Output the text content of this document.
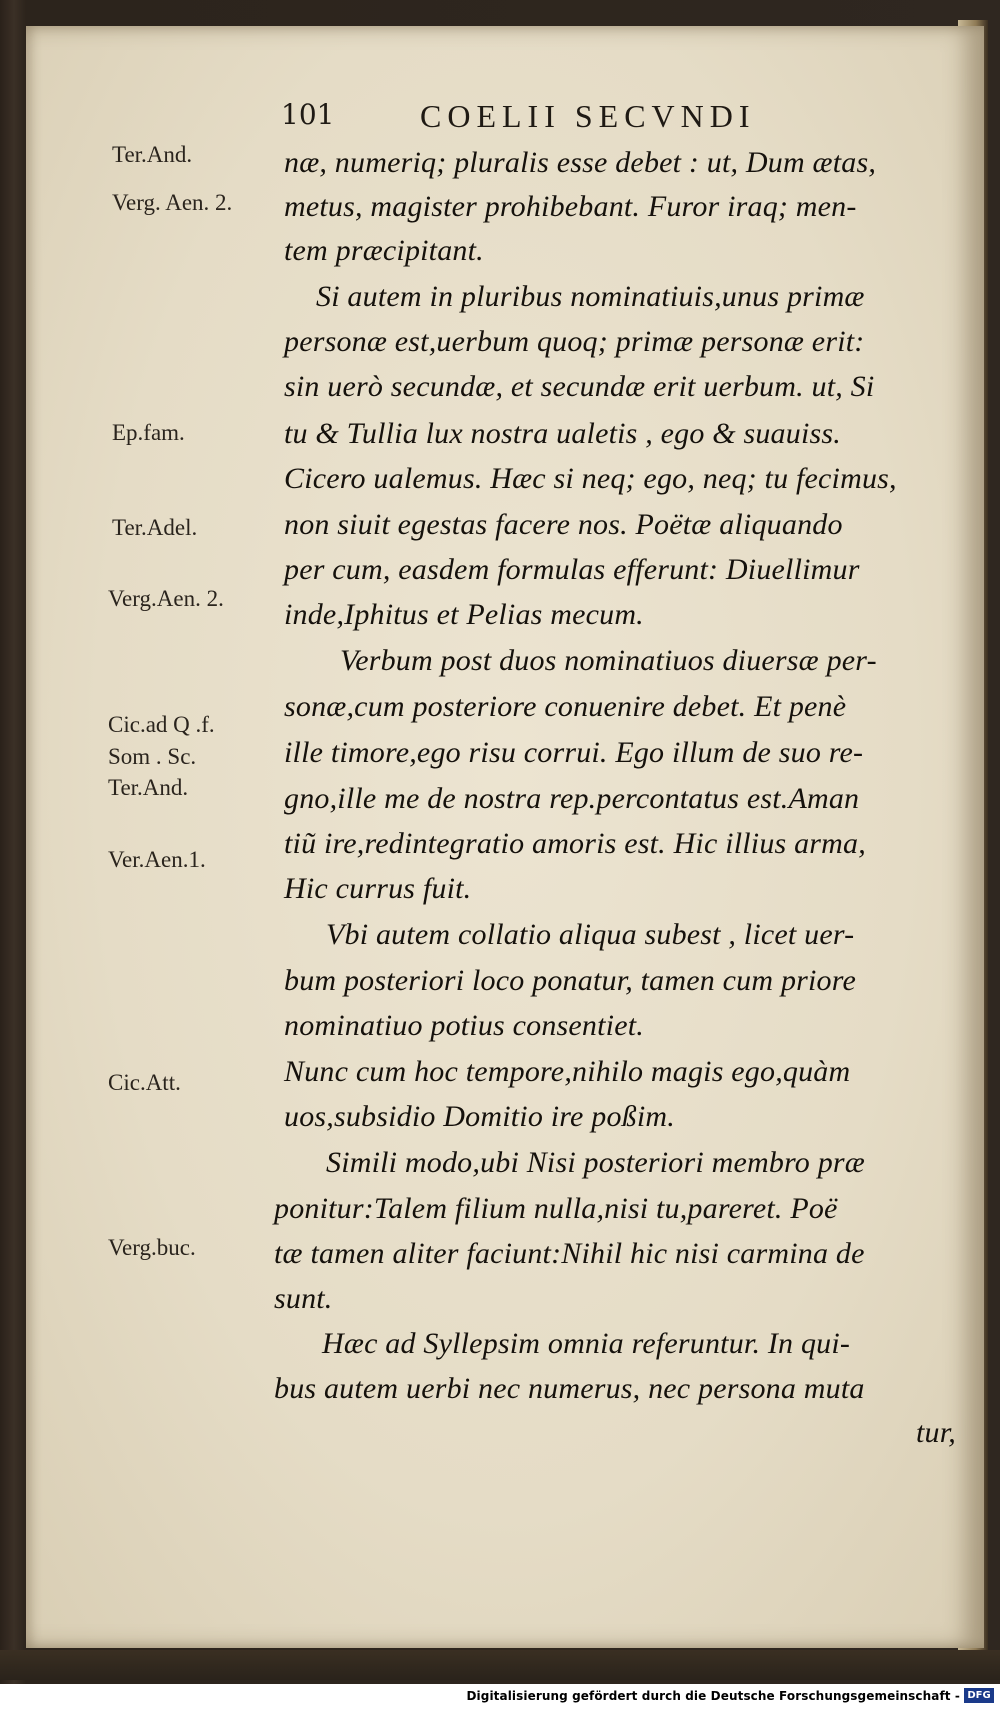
101	COELII SECVNDI
Ter.And.
Verg. Aen. 2.
Ep.fam.
Ter.Adel.
Verg.Aen. 2.
Cic.ad Q .f.
Som . Sc.
Ter.And.
Ver.Aen.1.
Cic.Att.
Verg.buc.
næ, numeriq; pluralis esse debet : ut, Dum ætas,
metus, magister prohibebant. Furor iraq; men-
tem præcipitant.
Si autem in pluribus nominatiuis,unus primæ
personæ est,uerbum quoq; primæ personæ erit:
sin uerò secundæ, et secundæ erit uerbum. ut, Si
tu & Tullia lux nostra ualetis , ego & suauiss.
Cicero ualemus. Hæc si neq; ego, neq; tu fecimus,
non siuit egestas facere nos. Poëtæ aliquando
per cum, easdem formulas efferunt: Diuellimur
inde,Iphitus et Pelias mecum.
Verbum post duos nominatiuos diuersæ per-
sonæ,cum posteriore conuenire debet. Et penè
ille timore,ego risu corrui. Ego illum de suo re-
gno,ille me de nostra rep.percontatus est.Aman
tiũ ire,redintegratio amoris est. Hic illius arma,
Hic currus fuit.
Vbi autem collatio aliqua subest , licet uer-
bum posteriori loco ponatur, tamen cum priore
nominatiuo potius consentiet.
Nunc cum hoc tempore,nihilo magis ego,quàm
uos,subsidio Domitio ire poßim.
Simili modo,ubi Nisi posteriori membro præ
ponitur:Talem filium nulla,nisi tu,pareret. Poë
tæ tamen aliter faciunt:Nihil hic nisi carmina de
sunt.
Hæc ad Syllepsim omnia referuntur. In qui-
bus autem uerbi nec numerus, nec persona muta
tur,
Digitalisierung gefördert durch die Deutsche Forschungsgemeinschaft - DFG
